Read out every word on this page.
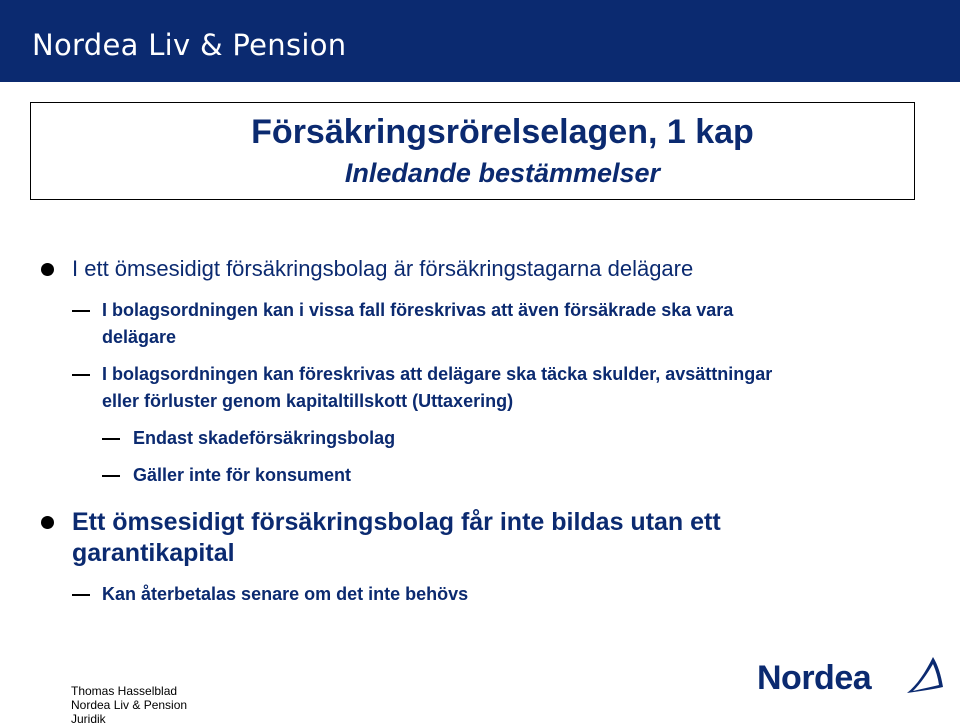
Nordea Liv & Pension
Försäkringsrörelselagen, 1 kap
Inledande bestämmelser
I ett ömsesidigt försäkringsbolag är försäkringstagarna delägare
I bolagsordningen kan i vissa fall föreskrivas att även försäkrade ska vara
delägare
I bolagsordningen kan föreskrivas att delägare ska täcka skulder, avsättningar
eller förluster genom kapitaltillskott (Uttaxering)
Endast skadeförsäkringsbolag
Gäller inte för konsument
Ett ömsesidigt försäkringsbolag får inte bildas utan ett
garantikapital
Kan återbetalas senare om det inte behövs
Thomas Hasselblad
Nordea Liv & Pension
Juridik
Nordea
